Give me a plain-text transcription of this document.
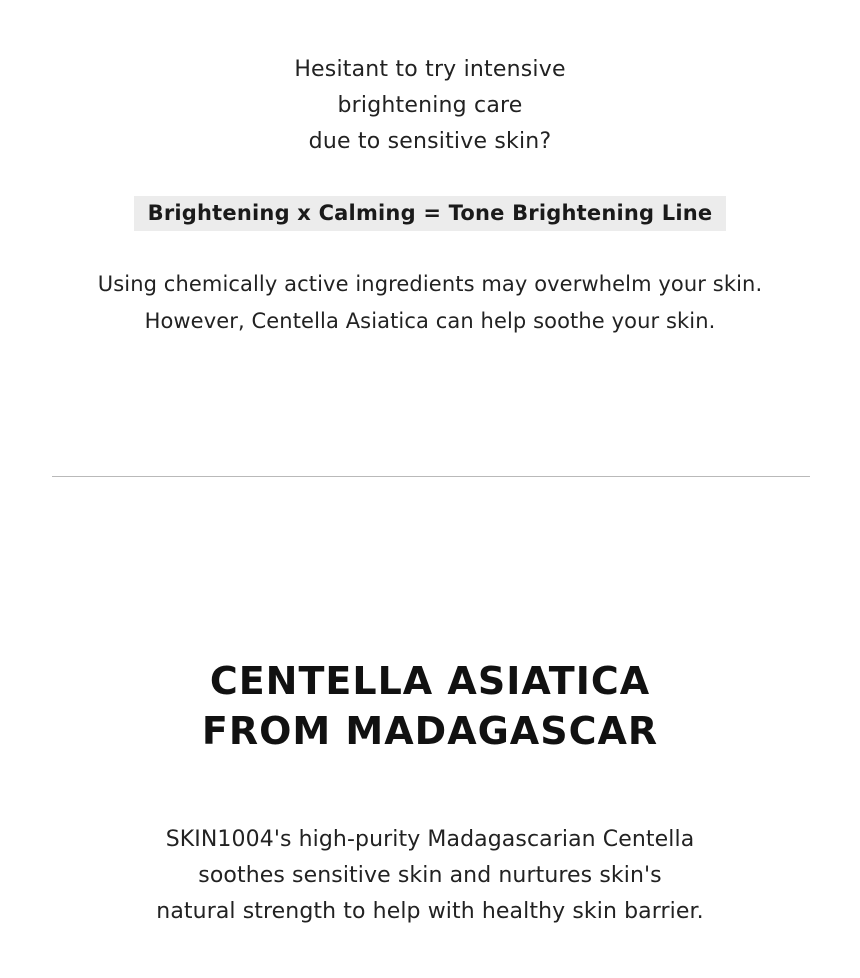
Hesitant to try intensive
brightening care
due to sensitive skin?
Brightening x Calming = Tone Brightening Line
Using chemically active ingredients may overwhelm your skin.
However, Centella Asiatica can help soothe your skin.
CENTELLA ASIATICA
FROM MADAGASCAR
SKIN1004's high-purity Madagascarian Centella
soothes sensitive skin and nurtures skin's
natural strength to help with healthy skin barrier.
